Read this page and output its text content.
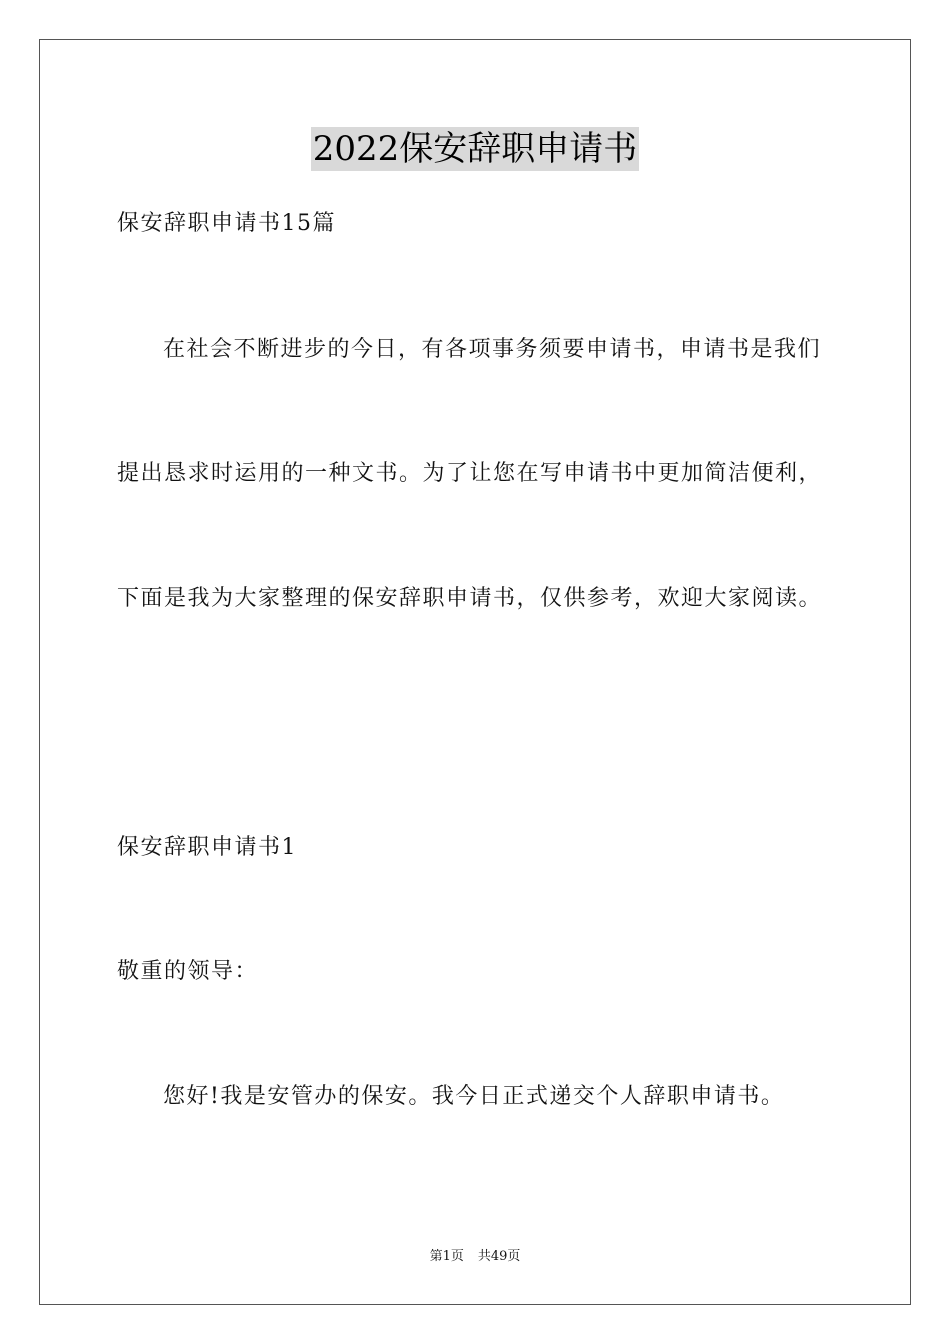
2022保安辞职申请书
保安辞职申请书15篇
在社会不断进步的今日，有各项事务须要申请书，申请书是我们
提出恳求时运用的一种文书。为了让您在写申请书中更加简洁便利，
下面是我为大家整理的保安辞职申请书，仅供参考，欢迎大家阅读。
保安辞职申请书1
敬重的领导：
您好!我是安管办的保安。我今日正式递交个人辞职申请书。
第1页 共49页
